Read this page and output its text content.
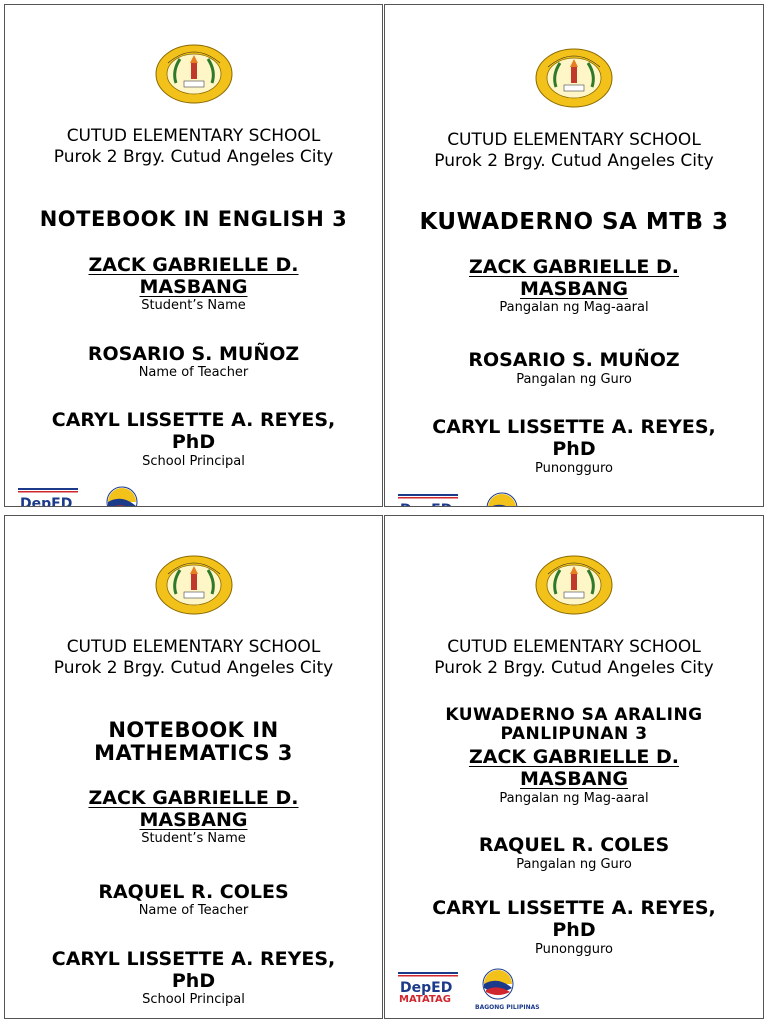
CUTUD ELEMENTARY SCHOOL
Purok 2 Brgy. Cutud Angeles City
NOTEBOOK IN ENGLISH 3
ZACK GABRIELLE D.
MASBANG
Student’s Name
ROSARIO S. MUÑOZ
Name of Teacher
CARYL LISSETTE A. REYES,
PhD
School Principal
CUTUD ELEMENTARY SCHOOL
Purok 2 Brgy. Cutud Angeles City
KUWADERNO SA MTB 3
ZACK GABRIELLE D.
MASBANG
Pangalan ng Mag-aaral
ROSARIO S. MUÑOZ
Pangalan ng Guro
CARYL LISSETTE A. REYES,
PhD
Punongguro
CUTUD ELEMENTARY SCHOOL
Purok 2 Brgy. Cutud Angeles City
NOTEBOOK IN
MATHEMATICS 3
ZACK GABRIELLE D.
MASBANG
Student’s Name
RAQUEL R. COLES
Name of Teacher
CARYL LISSETTE A. REYES,
PhD
School Principal
CUTUD ELEMENTARY SCHOOL
Purok 2 Brgy. Cutud Angeles City
KUWADERNO SA ARALING
PANLIPUNAN 3
ZACK GABRIELLE D.
MASBANG
Pangalan ng Mag-aaral
RAQUEL R. COLES
Pangalan ng Guro
CARYL LISSETTE A. REYES,
PhD
Punongguro
MATATAG
BAGONG PILIPINAS
